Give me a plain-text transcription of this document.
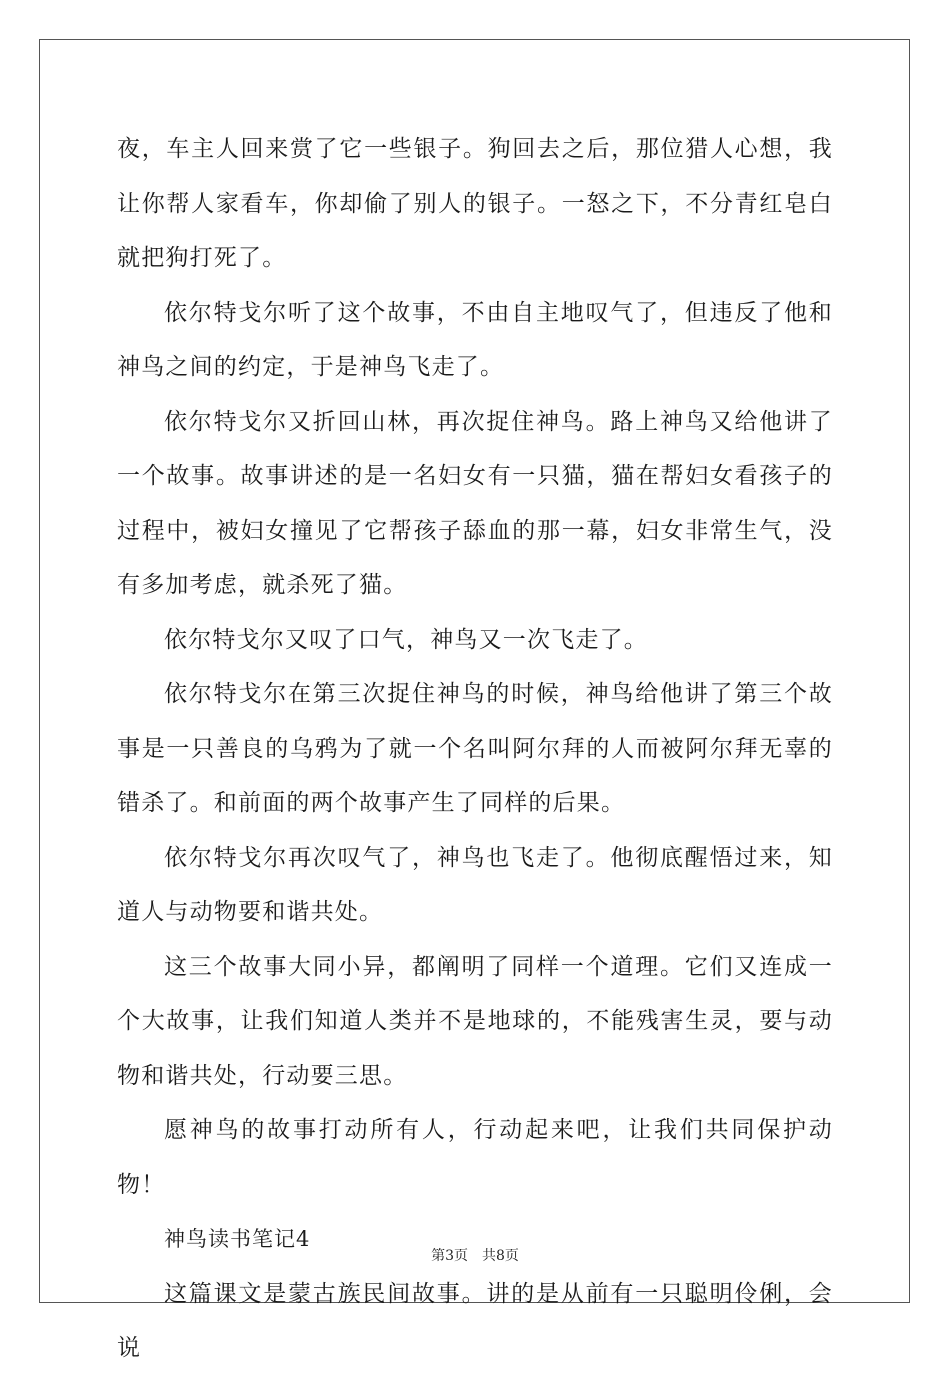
夜，车主人回来赏了它一些银子。狗回去之后，那位猎人心想，我让你帮人家看车，你却偷了别人的银子。一怒之下，不分青红皂白就把狗打死了。

依尔特戈尔听了这个故事，不由自主地叹气了，但违反了他和神鸟之间的约定，于是神鸟飞走了。

依尔特戈尔又折回山林，再次捉住神鸟。路上神鸟又给他讲了一个故事。故事讲述的是一名妇女有一只猫，猫在帮妇女看孩子的过程中，被妇女撞见了它帮孩子舔血的那一幕，妇女非常生气，没有多加考虑，就杀死了猫。

依尔特戈尔又叹了口气，神鸟又一次飞走了。

依尔特戈尔在第三次捉住神鸟的时候，神鸟给他讲了第三个故事是一只善良的乌鸦为了就一个名叫阿尔拜的人而被阿尔拜无辜的错杀了。和前面的两个故事产生了同样的后果。

依尔特戈尔再次叹气了，神鸟也飞走了。他彻底醒悟过来，知道人与动物要和谐共处。

这三个故事大同小异，都阐明了同样一个道理。它们又连成一个大故事，让我们知道人类并不是地球的，不能残害生灵，要与动物和谐共处，行动要三思。

愿神鸟的故事打动所有人，行动起来吧，让我们共同保护动物！

神鸟读书笔记4

这篇课文是蒙古族民间故事。讲的是从前有一只聪明伶俐，会说

第3页 共8页
